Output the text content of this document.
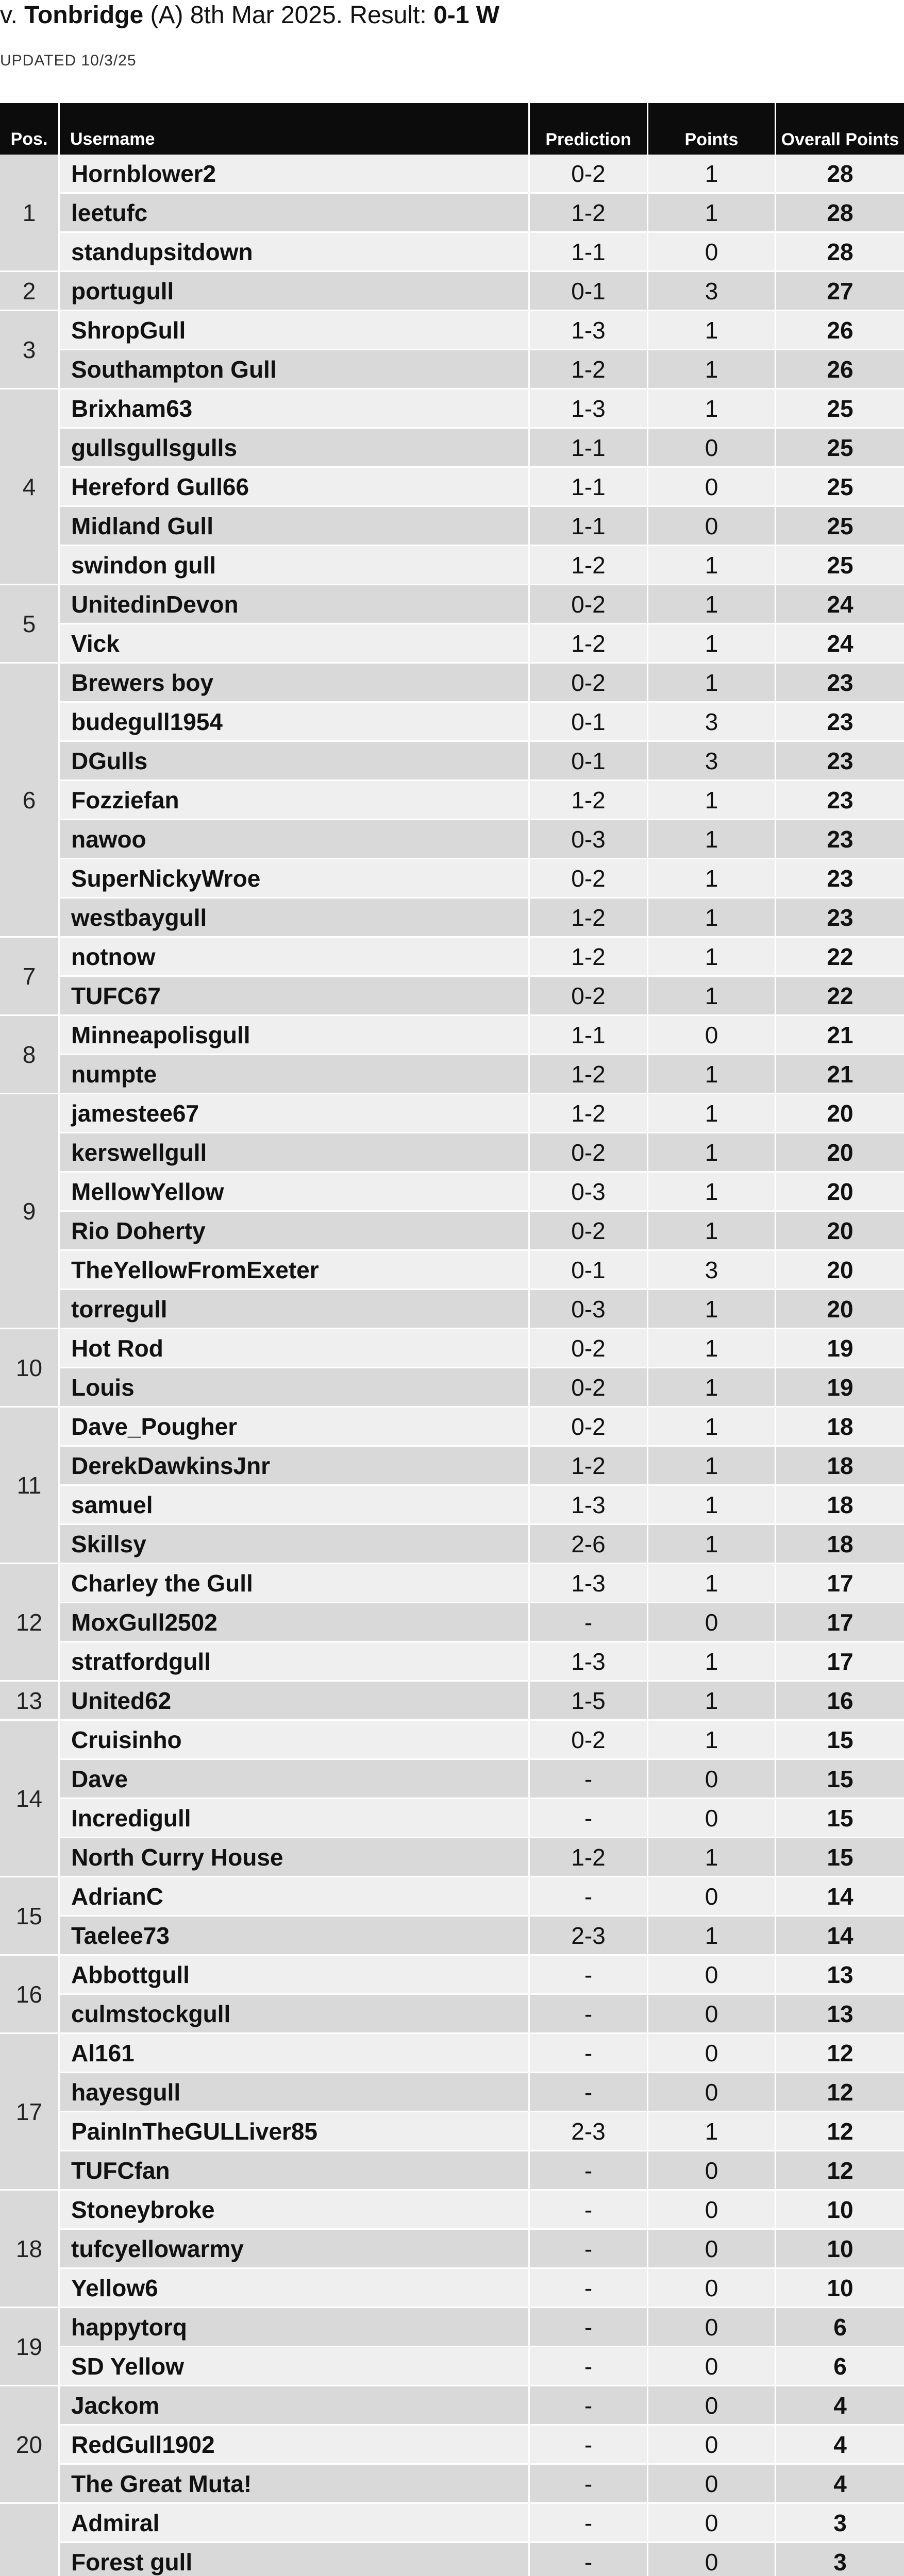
v. Tonbridge (A) 8th Mar 2025. Result: 0-1 W
UPDATED 10/3/25
Pos.	Username	Prediction	Points	Overall Points
1
Hornblower2	0-2	1	28
leetufc	1-2	1	28
standupsitdown	1-1	0	28
2	portugull	0-1	3	27
3
ShropGull	1-3	1	26
Southampton Gull	1-2	1	26
4
Brixham63	1-3	1	25
gullsgullsgulls	1-1	0	25
Hereford Gull66	1-1	0	25
Midland Gull	1-1	0	25
swindon gull	1-2	1	25
5
UnitedinDevon	0-2	1	24
Vick	1-2	1	24
6
Brewers boy	0-2	1	23
budegull1954	0-1	3	23
DGulls	0-1	3	23
Fozziefan	1-2	1	23
nawoo	0-3	1	23
SuperNickyWroe	0-2	1	23
westbaygull	1-2	1	23
7
notnow	1-2	1	22
TUFC67	0-2	1	22
8
Minneapolisgull	1-1	0	21
numpte	1-2	1	21
9
jamestee67	1-2	1	20
kerswellgull	0-2	1	20
MellowYellow	0-3	1	20
Rio Doherty	0-2	1	20
TheYellowFromExeter	0-1	3	20
torregull	0-3	1	20
10
Hot Rod	0-2	1	19
Louis	0-2	1	19
11
Dave_Pougher	0-2	1	18
DerekDawkinsJnr	1-2	1	18
samuel	1-3	1	18
Skillsy	2-6	1	18
12
Charley the Gull	1-3	1	17
MoxGull2502	-	0	17
stratfordgull	1-3	1	17
13	United62	1-5	1	16
14
Cruisinho	0-2	1	15
Dave	-	0	15
Incredigull	-	0	15
North Curry House	1-2	1	15
15
AdrianC	-	0	14
Taelee73	2-3	1	14
16
Abbottgull	-	0	13
culmstockgull	-	0	13
17
Al161	-	0	12
hayesgull	-	0	12
PainInTheGULLiver85	2-3	1	12
TUFCfan	-	0	12
18
Stoneybroke	-	0	10
tufcyellowarmy	-	0	10
Yellow6	-	0	10
19
happytorq	-	0	6
SD Yellow	-	0	6
20
Jackom	-	0	4
RedGull1902	-	0	4
The Great Muta!	-	0	4
Admiral	-	0	3
Forest gull	-	0	3
